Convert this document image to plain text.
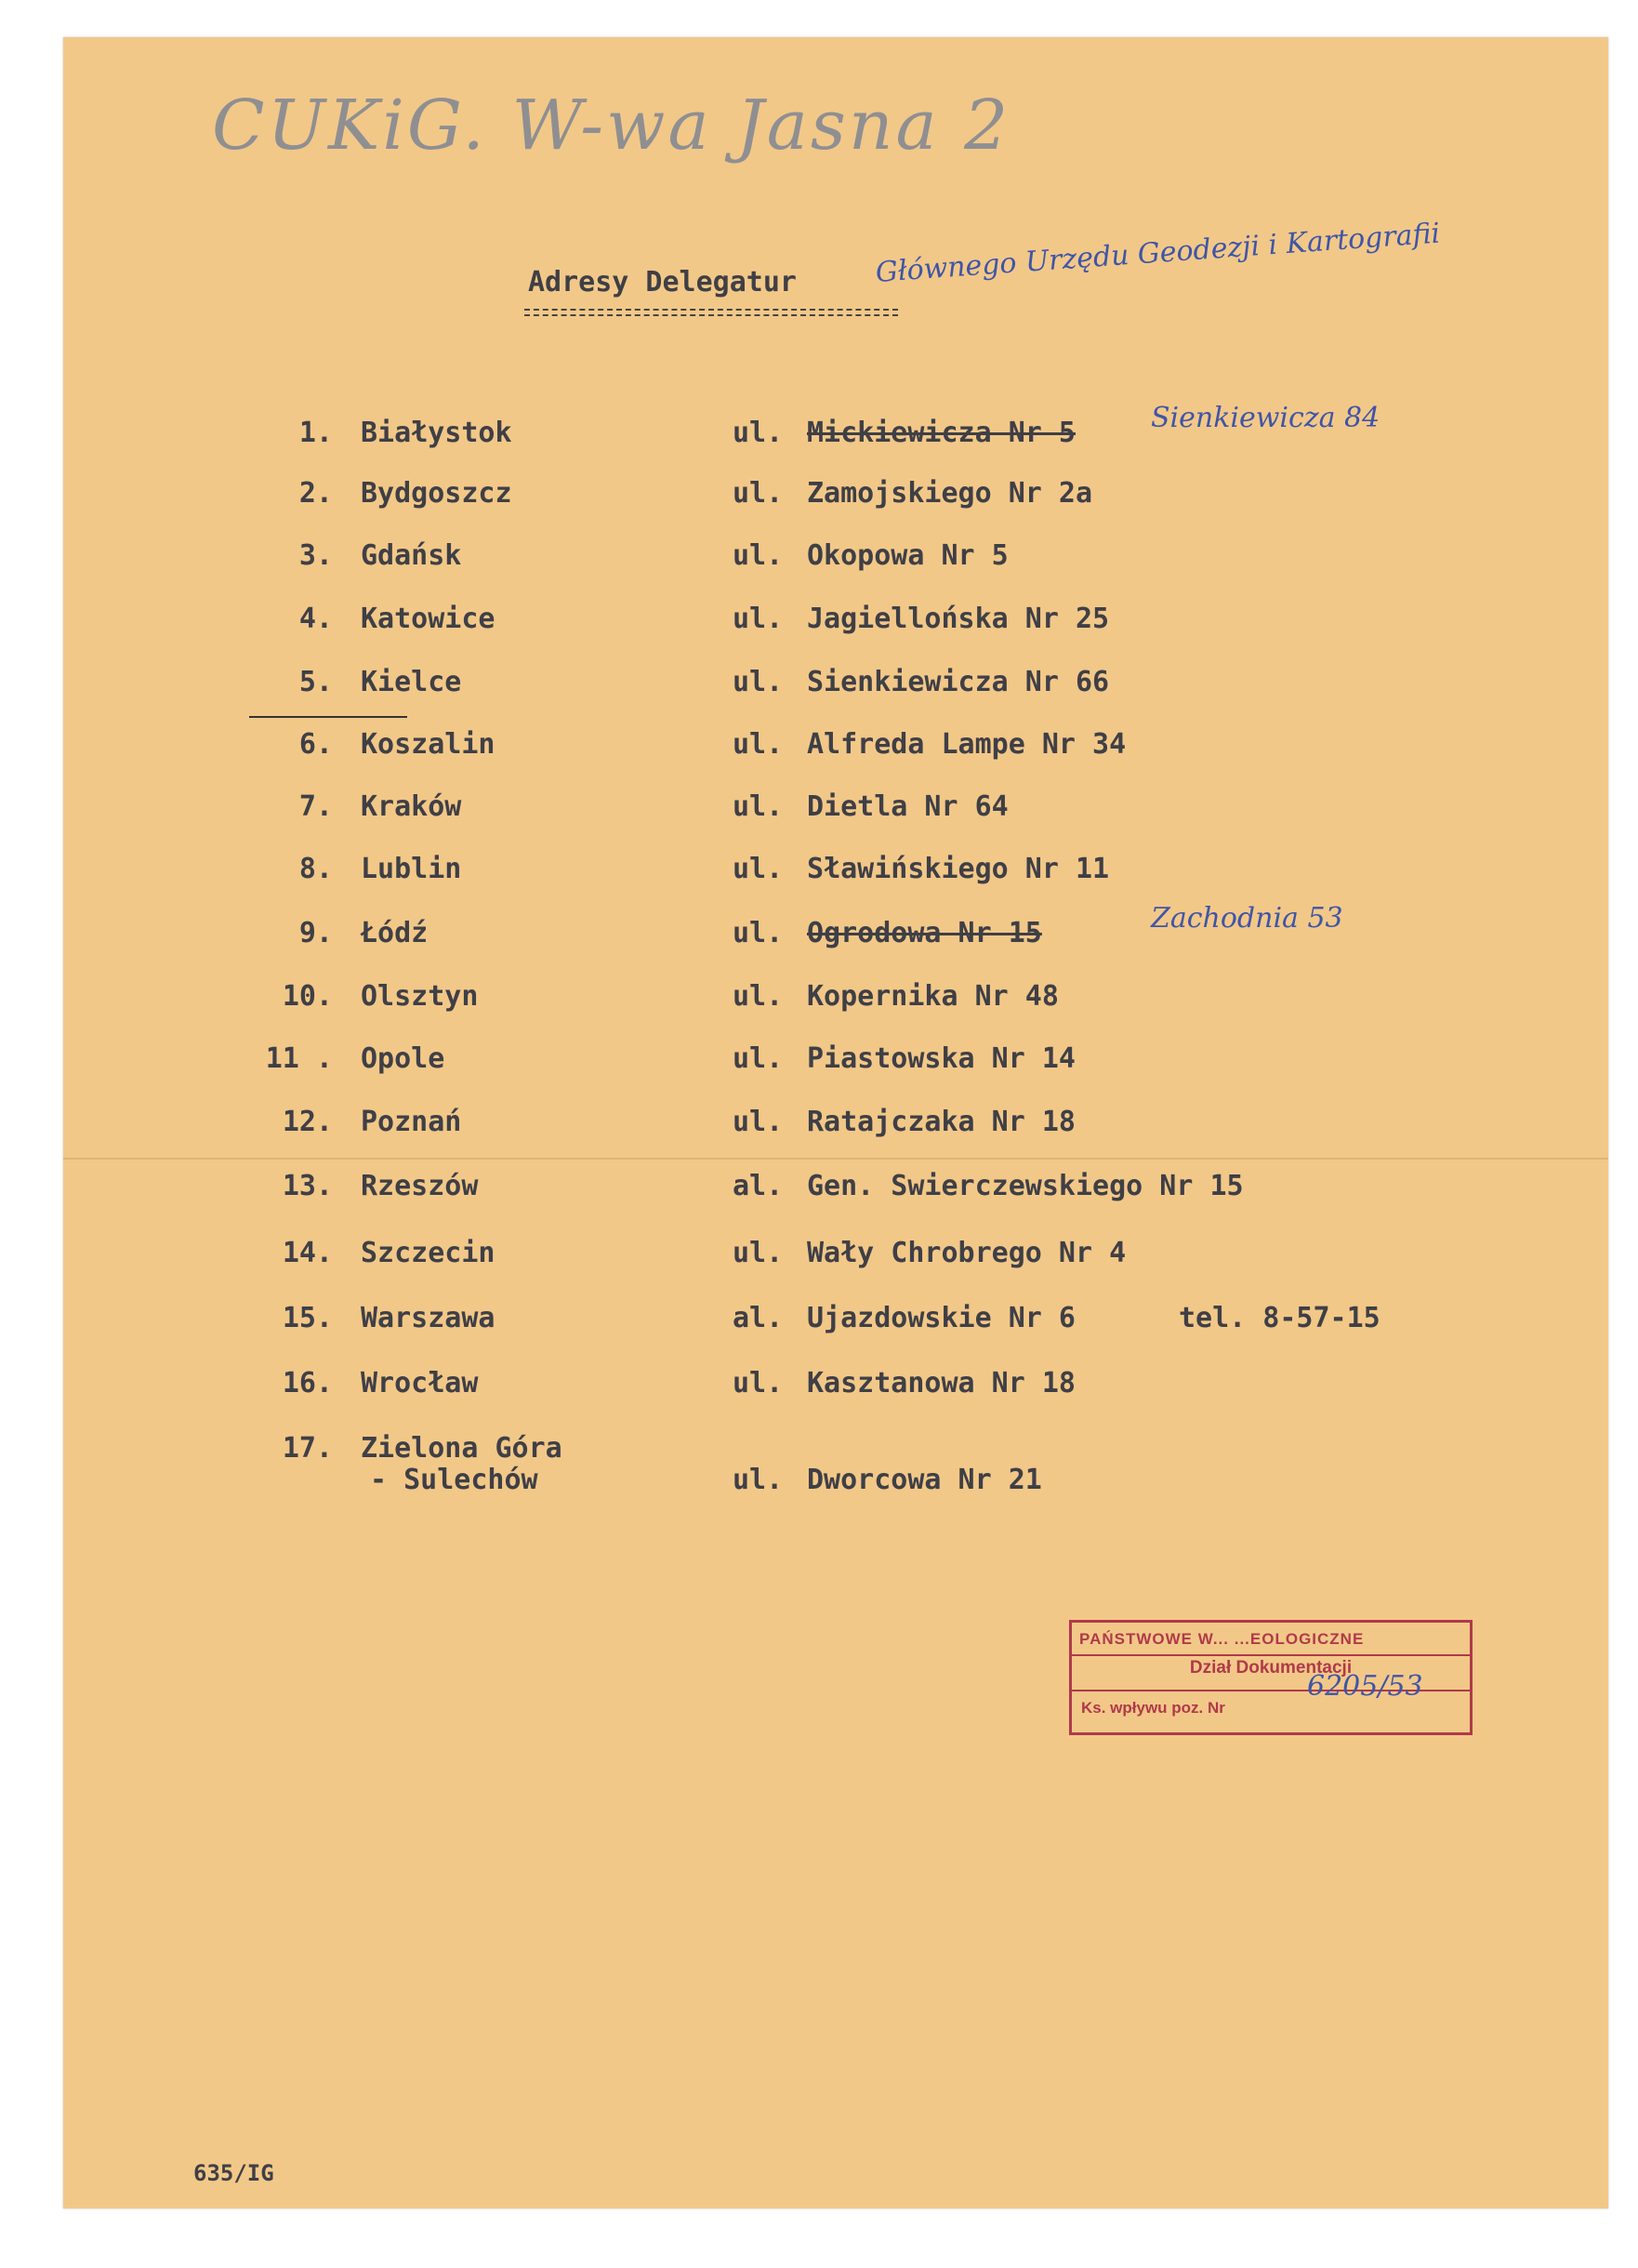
CUKiG. W-wa Jasna 2
Adresy Delegatur	Głównego Urzędu Geodezji i Kartografii
1. Białystok	ul. Mickiewicza Nr 5	Sienkiewicza 84
2. Bydgoszcz	ul. Zamojskiego Nr 2a
3. Gdańsk	ul. Okopowa Nr 5
4. Katowice	ul. Jagiellońska Nr 25
5. Kielce	ul. Sienkiewicza Nr 66
6. Koszalin	ul. Alfreda Lampe Nr 34
7. Kraków	ul. Dietla Nr 64
8. Lublin	ul. Sławińskiego Nr 11
9. Łódź	ul. Ogrodowa Nr 15	Zachodnia 53
10. Olsztyn	ul. Kopernika Nr 48
11 . Opole	ul. Piastowska Nr 14
12. Poznań	ul. Ratajczaka Nr 18
13. Rzeszów	al. Gen. Swierczewskiego Nr 15
14. Szczecin	ul. Wały Chrobrego Nr 4
15. Warszawa	al. Ujazdowskie Nr 6	tel. 8-57-15
16. Wrocław	ul. Kasztanowa Nr 18
17. Zielona Góra
- Sulechów	ul. Dworcowa Nr 21
PAŃSTWOWE W... ...EOLOGICZNE
Dział Dokumentacji
Ks. wpływu poz. Nr
6205/53
635/IG
